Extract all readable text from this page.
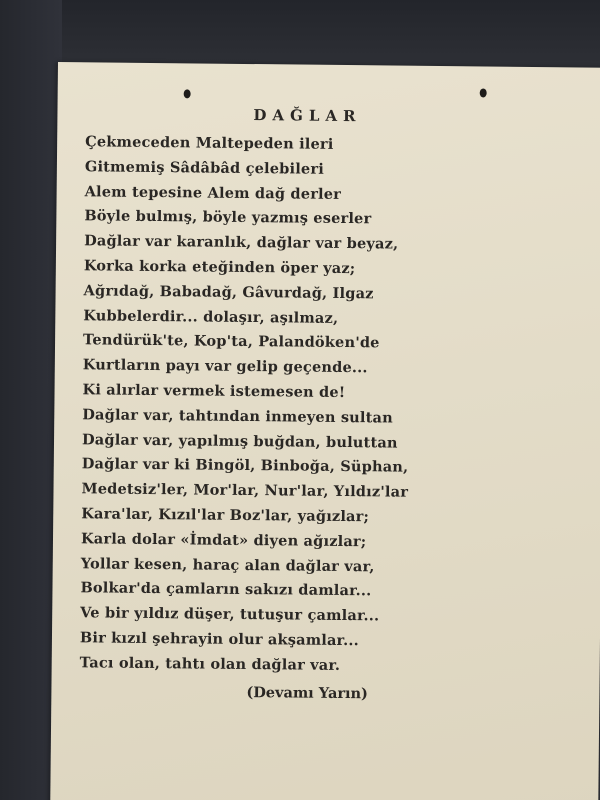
DAĞLAR
Çekmeceden Maltepeden ileri
Gitmemiş Sâdâbâd çelebileri
Alem tepesine Alem dağ derler
Böyle bulmış, böyle yazmış eserler
Dağlar var karanlık, dağlar var beyaz,
Korka korka eteğinden öper yaz;
Ağrıdağ, Babadağ, Gâvurdağ, Ilgaz
Kubbelerdir... dolaşır, aşılmaz,
Tendürük'te, Kop'ta, Palandöken'de
Kurtların payı var gelip geçende...
Ki alırlar vermek istemesen de!
Dağlar var, tahtından inmeyen sultan
Dağlar var, yapılmış buğdan, buluttan
Dağlar var ki Bingöl, Binboğa, Süphan,
Medetsiz'ler, Mor'lar, Nur'lar, Yıldız'lar
Kara'lar, Kızıl'lar Boz'lar, yağızlar;
Karla dolar «İmdat» diyen ağızlar;
Yollar kesen, haraç alan dağlar var,
Bolkar'da çamların sakızı damlar...
Ve bir yıldız düşer, tutuşur çamlar...
Bir kızıl şehrayin olur akşamlar...
Tacı olan, tahtı olan dağlar var.
(Devamı Yarın)
